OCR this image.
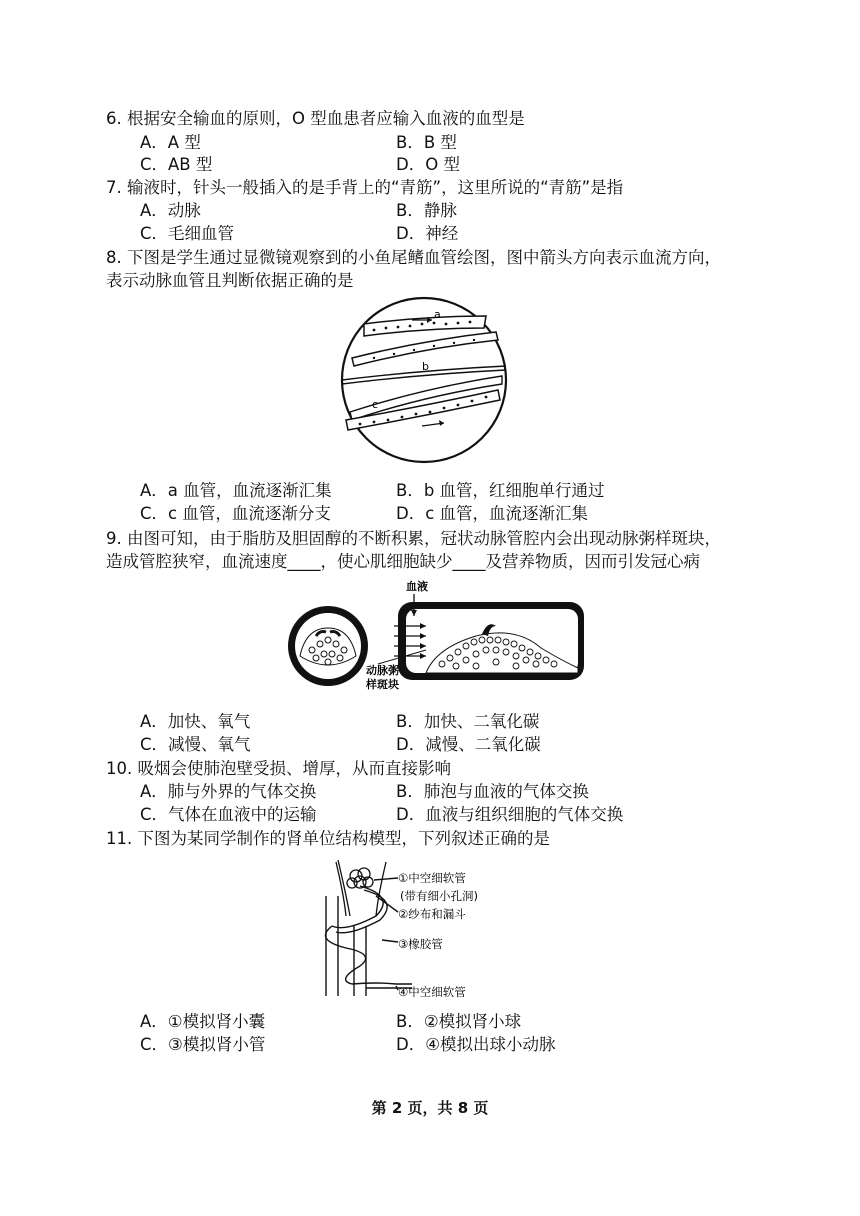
6. 根据安全输血的原则，O 型血患者应输入血液的血型是
A．A 型	B．B 型
C．AB 型	D．O 型
7. 输液时，针头一般插入的是手背上的“青筋”，这里所说的“青筋”是指
A．动脉	B．静脉
C．毛细血管	D．神经
8. 下图是学生通过显微镜观察到的小鱼尾鳍血管绘图，图中箭头方向表示血流方向，
表示动脉血管且判断依据正确的是
a
b
c
A．a 血管，血流逐渐汇集	B．b 血管，红细胞单行通过
C．c 血管，血流逐渐分支	D．c 血管，血流逐渐汇集
9. 由图可知，由于脂肪及胆固醇的不断积累，冠状动脉管腔内会出现动脉粥样斑块，
造成管腔狭窄，血流速度____，使心肌细胞缺少____及营养物质，因而引发冠心病
血液
动脉粥
样斑块
A．加快、氧气	B．加快、二氧化碳
C．减慢、氧气	D．减慢、二氧化碳
10. 吸烟会使肺泡壁受损、增厚，从而直接影响
A．肺与外界的气体交换	B．肺泡与血液的气体交换
C．气体在血液中的运输	D．血液与组织细胞的气体交换
11. 下图为某同学制作的肾单位结构模型，下列叙述正确的是
①中空细软管
(带有细小孔洞)
②纱布和漏斗
③橡胶管
④中空细软管
A．①模拟肾小囊	B．②模拟肾小球
C．③模拟肾小管	D．④模拟出球小动脉
第 2 页，共 8 页
